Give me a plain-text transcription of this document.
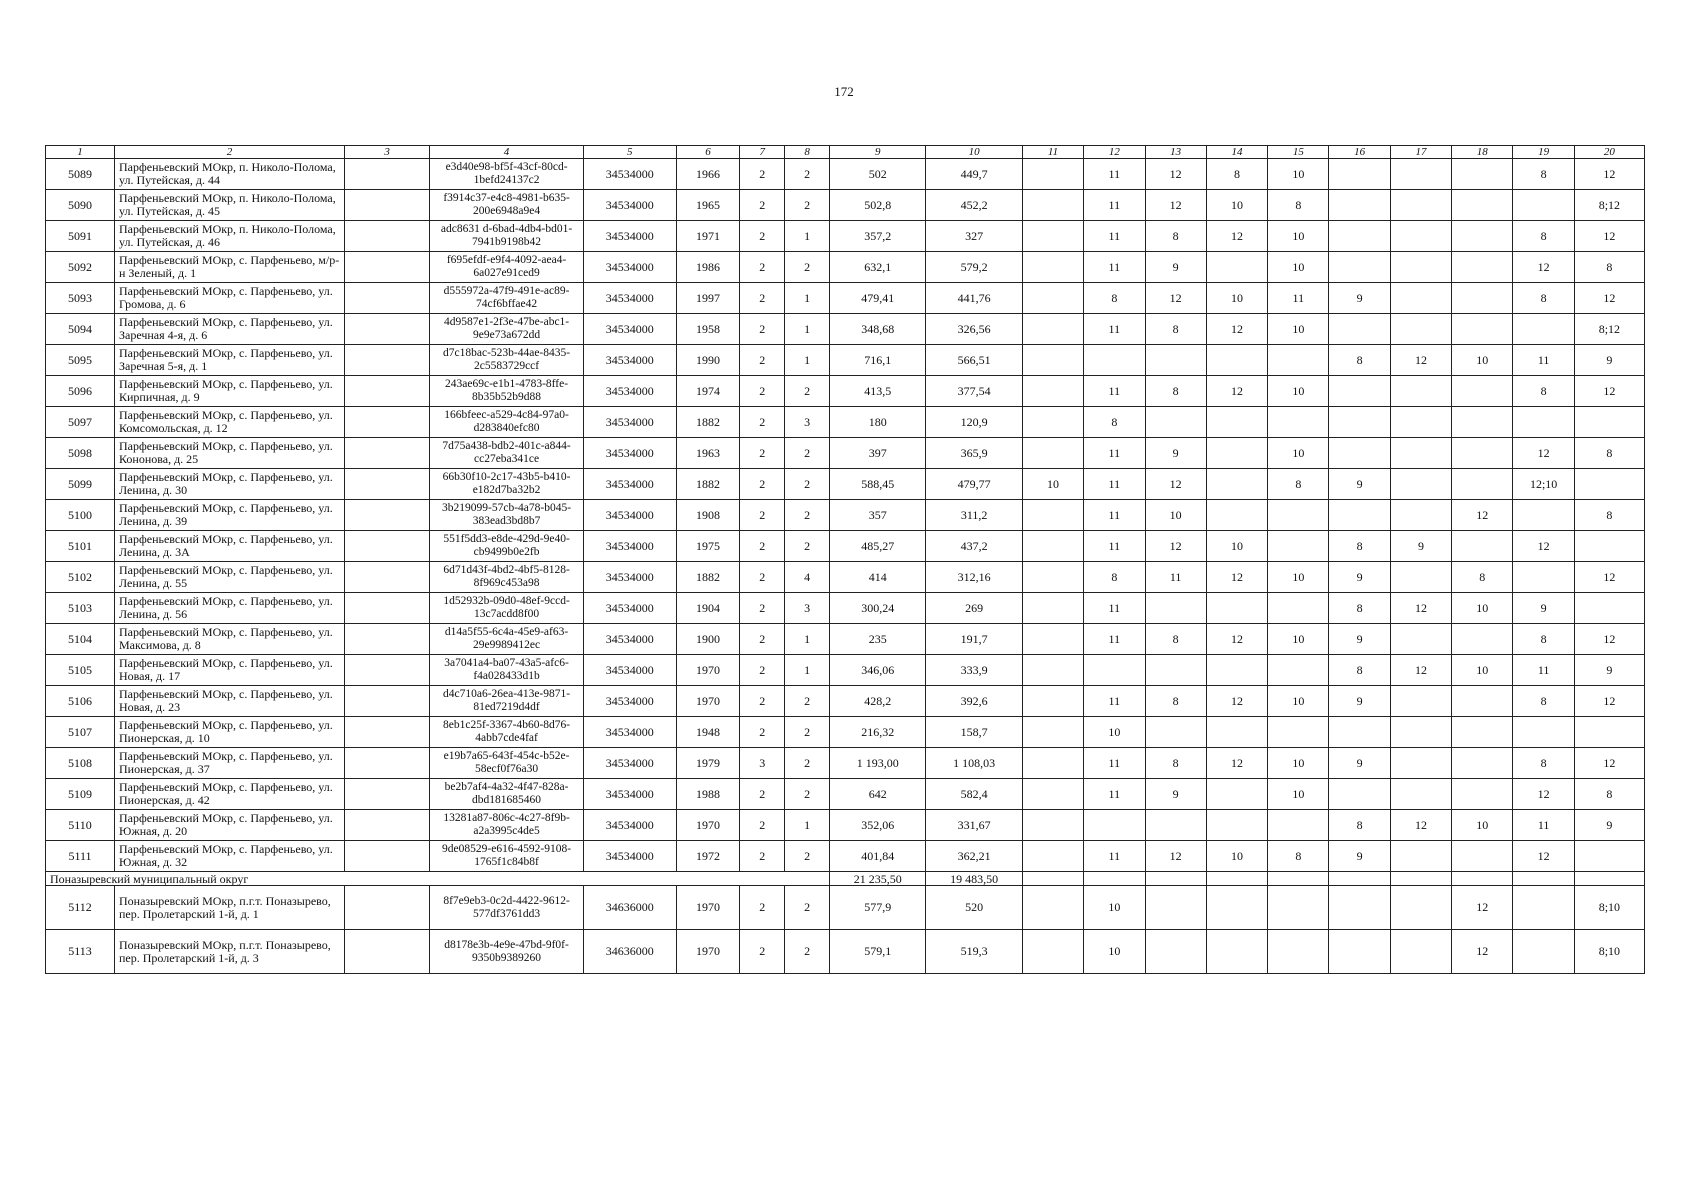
172
1	2	3	4	5	6	7	8	9	10	11	12	13	14	15	16	17	18	19	20
5089	Парфеньевский МОкр, п. Николо-Полома, ул. Путейская, д. 44		e3d40e98-bf5f-43cf-80cd-1befd24137c2	34534000	1966	2	2	502	449,7		11	12	8	10				8	12
5090	Парфеньевский МОкр, п. Николо-Полома, ул. Путейская, д. 45		f3914c37-e4c8-4981-b635-200e6948a9e4	34534000	1965	2	2	502,8	452,2		11	12	10	8					8;12
5091	Парфеньевский МОкр, п. Николо-Полома, ул. Путейская, д. 46		adc8631 d-6bad-4db4-bd01-7941b9198b42	34534000	1971	2	1	357,2	327		11	8	12	10				8	12
5092	Парфеньевский МОкр, с. Парфеньево, м/р-н Зеленый, д. 1		f695efdf-e9f4-4092-aea4-6a027e91ced9	34534000	1986	2	2	632,1	579,2		11	9		10				12	8
5093	Парфеньевский МОкр, с. Парфеньево, ул. Громова, д. 6		d555972a-47f9-491e-ac89-74cf6bffae42	34534000	1997	2	1	479,41	441,76		8	12	10	11	9			8	12
5094	Парфеньевский МОкр, с. Парфеньево, ул. Заречная 4-я, д. 6		4d9587e1-2f3e-47be-abc1-9e9e73a672dd	34534000	1958	2	1	348,68	326,56		11	8	12	10					8;12
5095	Парфеньевский МОкр, с. Парфеньево, ул. Заречная 5-я, д. 1		d7c18bac-523b-44ae-8435-2c5583729ccf	34534000	1990	2	1	716,1	566,51						8	12	10	11	9
5096	Парфеньевский МОкр, с. Парфеньево, ул. Кирпичная, д. 9		243ae69c-e1b1-4783-8ffe-8b35b52b9d88	34534000	1974	2	2	413,5	377,54		11	8	12	10				8	12
5097	Парфеньевский МОкр, с. Парфеньево, ул. Комсомольская, д. 12		166bfeec-a529-4c84-97a0-d283840efc80	34534000	1882	2	3	180	120,9		8								
5098	Парфеньевский МОкр, с. Парфеньево, ул. Кононова, д. 25		7d75a438-bdb2-401c-a844-cc27eba341ce	34534000	1963	2	2	397	365,9		11	9		10				12	8
5099	Парфеньевский МОкр, с. Парфеньево, ул. Ленина, д. 30		66b30f10-2c17-43b5-b410-e182d7ba32b2	34534000	1882	2	2	588,45	479,77	10	11	12		8	9			12;10	
5100	Парфеньевский МОкр, с. Парфеньево, ул. Ленина, д. 39		3b219099-57cb-4a78-b045-383ead3bd8b7	34534000	1908	2	2	357	311,2		11	10					12		8
5101	Парфеньевский МОкр, с. Парфеньево, ул. Ленина, д. 3А		551f5dd3-e8de-429d-9e40-cb9499b0e2fb	34534000	1975	2	2	485,27	437,2		11	12	10		8	9		12	
5102	Парфеньевский МОкр, с. Парфеньево, ул. Ленина, д. 55		6d71d43f-4bd2-4bf5-8128-8f969c453a98	34534000	1882	2	4	414	312,16		8	11	12	10	9		8		12
5103	Парфеньевский МОкр, с. Парфеньево, ул. Ленина, д. 56		1d52932b-09d0-48ef-9ccd-13c7acdd8f00	34534000	1904	2	3	300,24	269		11				8	12	10	9	
5104	Парфеньевский МОкр, с. Парфеньево, ул. Максимова, д. 8		d14a5f55-6c4a-45e9-af63-29e9989412ec	34534000	1900	2	1	235	191,7		11	8	12	10	9			8	12
5105	Парфеньевский МОкр, с. Парфеньево, ул. Новая, д. 17		3a7041a4-ba07-43a5-afc6-f4a028433d1b	34534000	1970	2	1	346,06	333,9						8	12	10	11	9
5106	Парфеньевский МОкр, с. Парфеньево, ул. Новая, д. 23		d4c710a6-26ea-413e-9871-81ed7219d4df	34534000	1970	2	2	428,2	392,6		11	8	12	10	9			8	12
5107	Парфеньевский МОкр, с. Парфеньево, ул. Пионерская, д. 10		8eb1c25f-3367-4b60-8d76-4abb7cde4faf	34534000	1948	2	2	216,32	158,7		10								
5108	Парфеньевский МОкр, с. Парфеньево, ул. Пионерская, д. 37		e19b7a65-643f-454c-b52e-58ecf0f76a30	34534000	1979	3	2	1 193,00	1 108,03		11	8	12	10	9			8	12
5109	Парфеньевский МОкр, с. Парфеньево, ул. Пионерская, д. 42		be2b7af4-4a32-4f47-828a-dbd181685460	34534000	1988	2	2	642	582,4		11	9		10				12	8
5110	Парфеньевский МОкр, с. Парфеньево, ул. Южная, д. 20		13281a87-806c-4c27-8f9b-a2a3995c4de5	34534000	1970	2	1	352,06	331,67						8	12	10	11	9
5111	Парфеньевский МОкр, с. Парфеньево, ул. Южная, д. 32		9de08529-e616-4592-9108-1765f1c84b8f	34534000	1972	2	2	401,84	362,21		11	12	10	8	9			12	
Поназыревский муниципальный округ								21 235,50	19 483,50										
5112	Поназыревский МОкр, п.г.т. Поназырево, пер. Пролетарский 1-й, д. 1		8f7e9eb3-0c2d-4422-9612-577df3761dd3	34636000	1970	2	2	577,9	520		10						12		8;10
5113	Поназыревский МОкр, п.г.т. Поназырево, пер. Пролетарский 1-й, д. 3		d8178e3b-4e9e-47bd-9f0f-9350b9389260	34636000	1970	2	2	579,1	519,3		10						12		8;10
